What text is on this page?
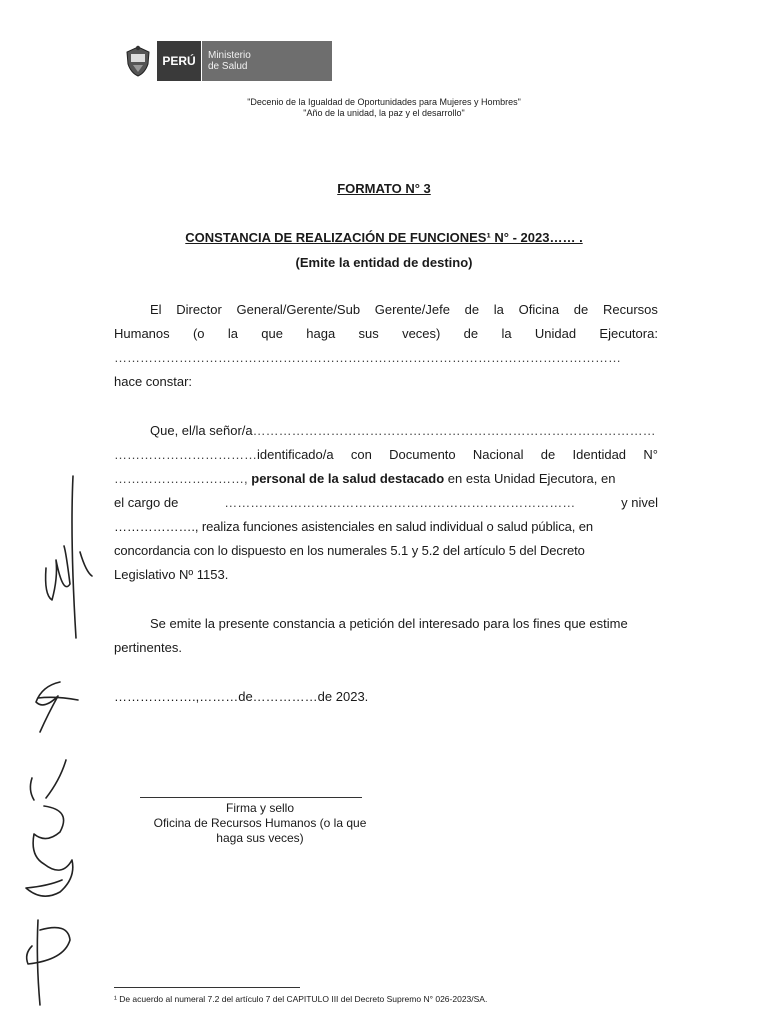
PERÚ	Ministerio
de Salud
"Decenio de la Igualdad de Oportunidades para Mujeres y Hombres"
"Año de la unidad, la paz y el desarrollo"
FORMATO N° 3
CONSTANCIA DE REALIZACIÓN DE FUNCIONES¹ N° - 2023…… .
(Emite la entidad de destino)
El Director General/Gerente/Sub Gerente/Jefe de la Oficina de Recursos
Humanos (o la que haga sus veces) de la Unidad Ejecutora:
………………………………………………………………………………………………………
hace constar:
Que, el/la señor/a …………………………………………………………………………………
…………………………… identificado/a con Documento Nacional de Identidad N°
…………………………, personal de la salud destacado en esta Unidad Ejecutora, en
el cargo de	………………………………………………………………………	y nivel
………………., realiza funciones asistenciales en salud individual o salud pública, en
concordancia con lo dispuesto en los numerales 5.1 y 5.2 del artículo 5 del Decreto
Legislativo Nº 1153.
Se emite la presente constancia a petición del interesado para los fines que estime
pertinentes.
……………….,………de……………de 2023.
Firma y sello
Oficina de Recursos Humanos (o la que
haga sus veces)
¹ De acuerdo al numeral 7.2 del artículo 7 del CAPITULO III del Decreto Supremo N° 026-2023/SA.
